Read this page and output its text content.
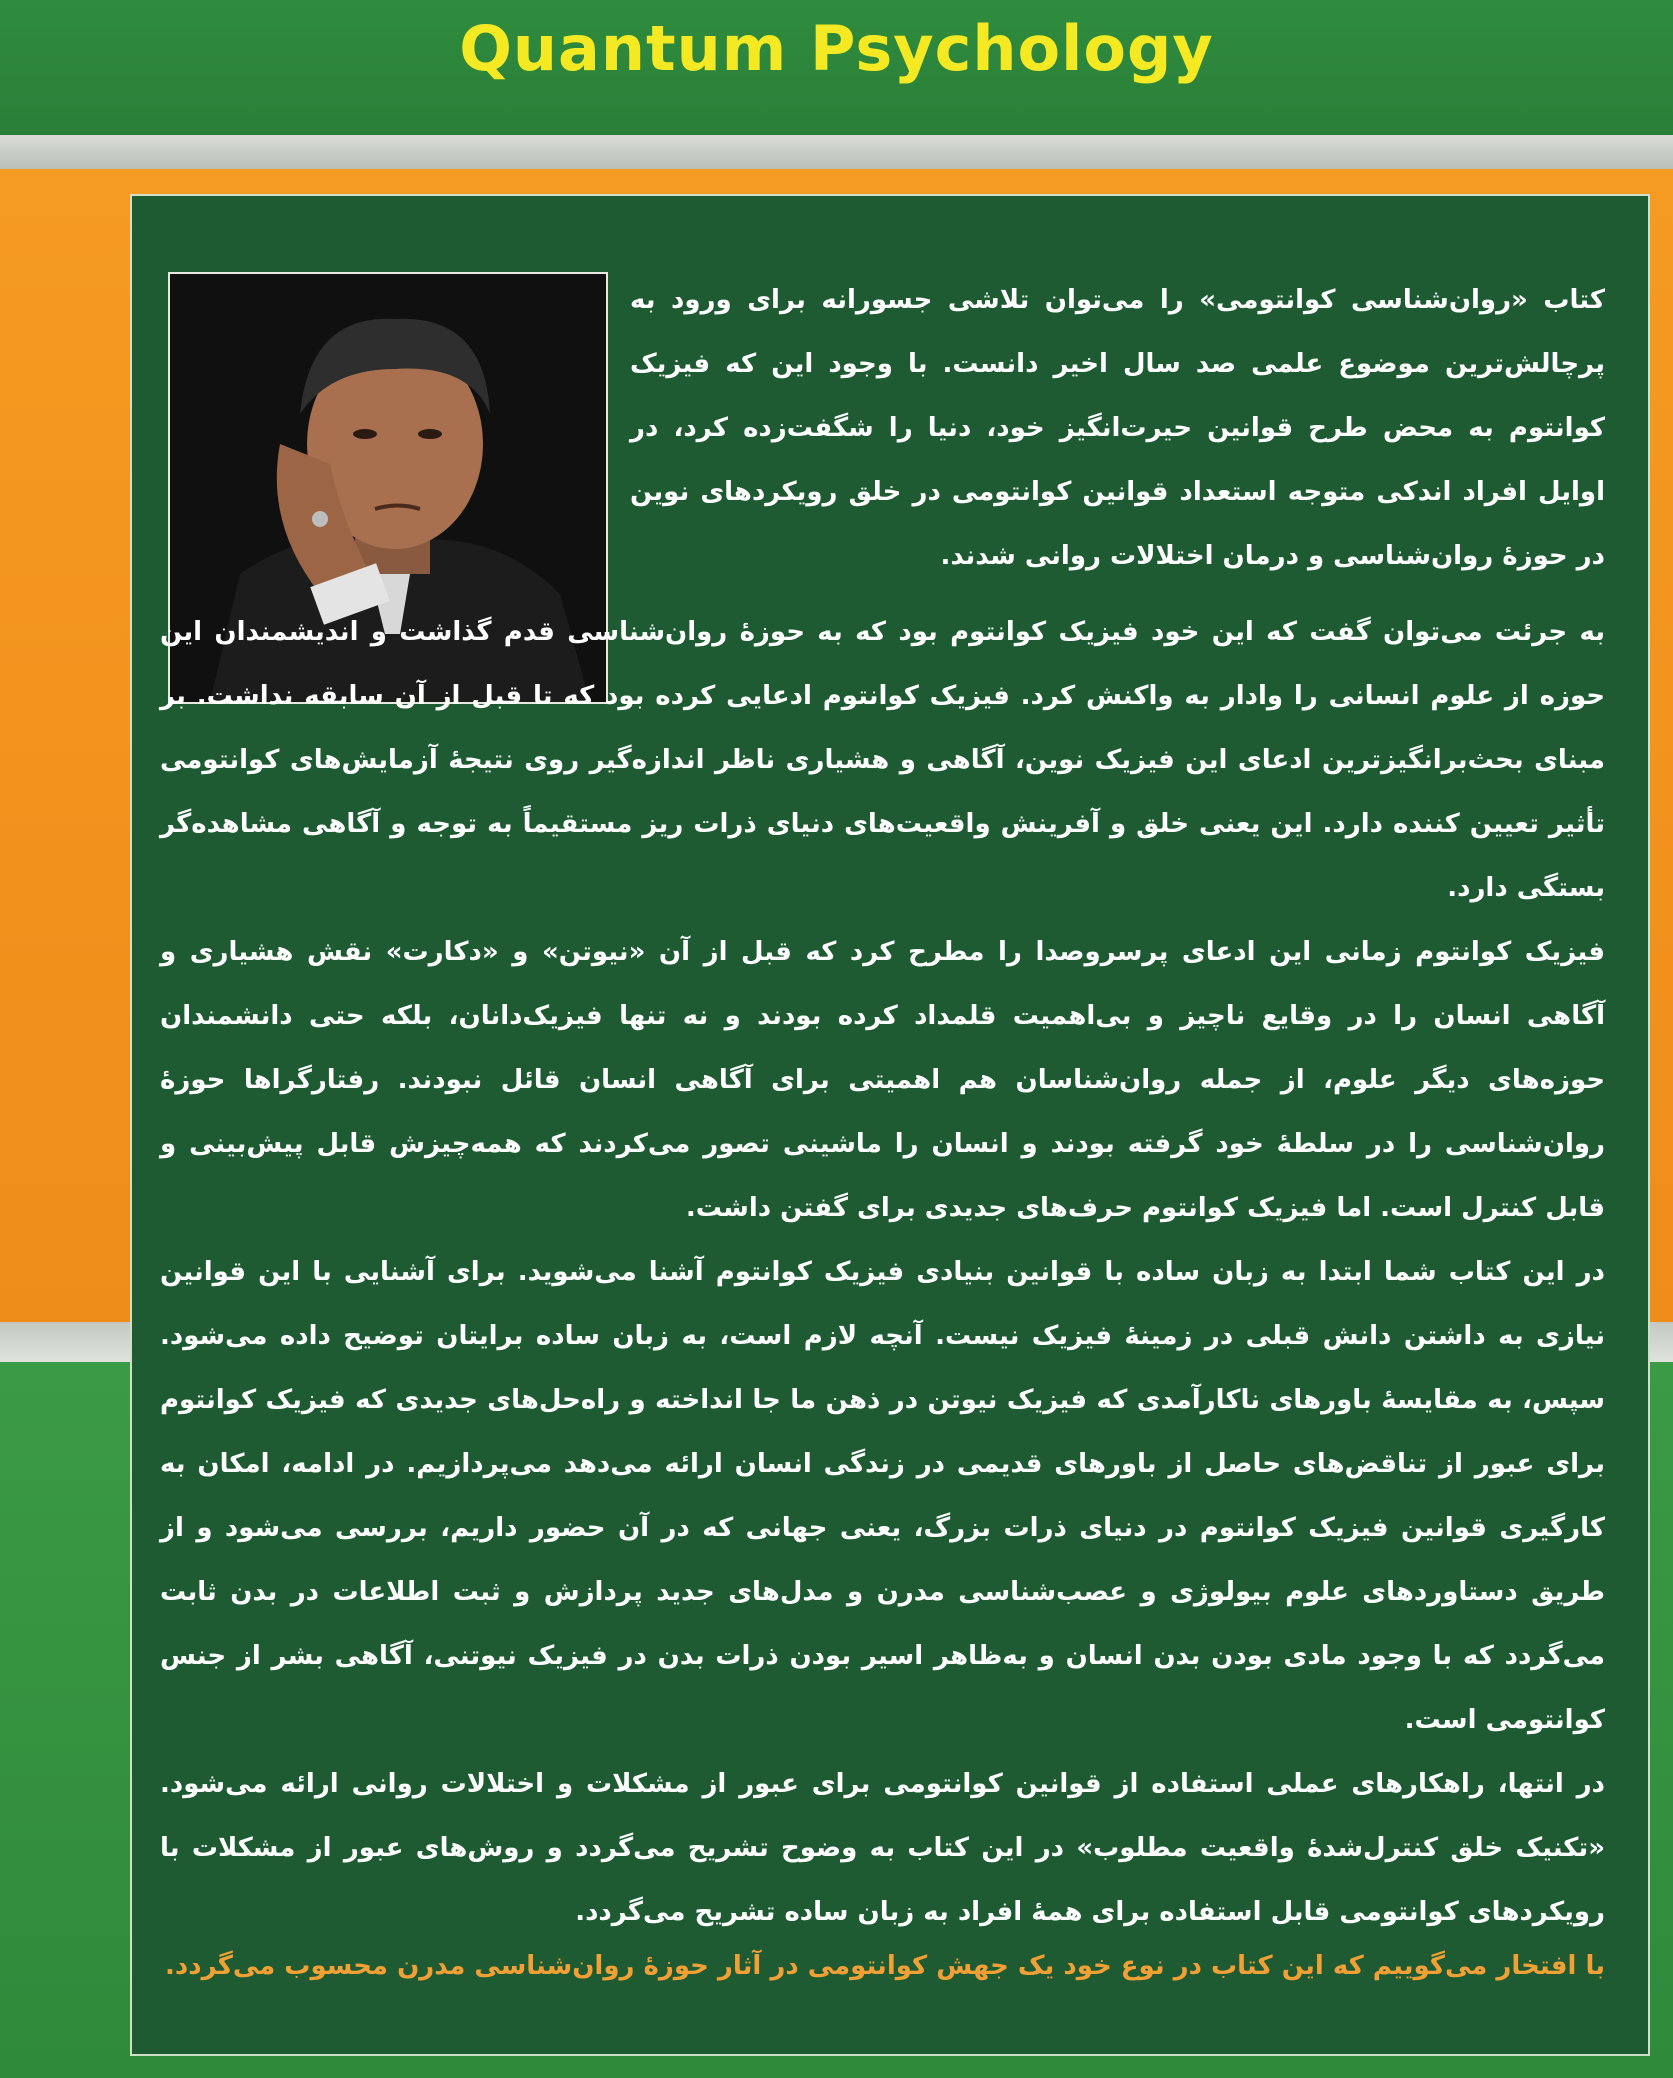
Quantum Psychology
کتاب «روان‌شناسی کوانتومی» را می‌توان تلاشی جسورانه برای ورود به پرچالش‌ترین موضوع علمی صد سال اخیر دانست. با وجود این که فیزیک کوانتوم به محض طرح قوانین حیرت‌انگیز خود، دنیا را شگفت‌زده کرد، در اوایل افراد اندکی متوجه استعداد قوانین کوانتومی در خلق رویکردهای نوین در حوزهٔ روان‌شناسی و درمان اختلالات روانی شدند.
به جرئت می‌توان گفت که این خود فیزیک کوانتوم بود که به حوزهٔ روان‌شناسی قدم گذاشت و اندیشمندان این حوزه از علوم انسانی را وادار به واکنش کرد. فیزیک کوانتوم ادعایی کرده بود که تا قبل از آن سابقه نداشت. بر مبنای بحث‌برانگیزترین ادعای این فیزیک نوین، آگاهی و هشیاری ناظر اندازه‌گیر روی نتیجهٔ آزمایش‌های کوانتومی تأثیر تعیین کننده دارد. این یعنی خلق و آفرینش واقعیت‌های دنیای ذرات ریز مستقیماً به توجه و آگاهی مشاهده‌گر بستگی دارد.
فیزیک کوانتوم زمانی این ادعای پرسروصدا را مطرح کرد که قبل از آن «نیوتن» و «دکارت» نقش هشیاری و آگاهی انسان را در وقایع ناچیز و بی‌اهمیت قلمداد کرده بودند و نه تنها فیزیک‌دانان، بلکه حتی دانشمندان حوزه‌های دیگر علوم، از جمله روان‌شناسان هم اهمیتی برای آگاهی انسان قائل نبودند. رفتارگراها حوزهٔ روان‌شناسی را در سلطهٔ خود گرفته بودند و انسان را ماشینی تصور می‌کردند که همه‌چیزش قابل پیش‌بینی و قابل کنترل است. اما فیزیک کوانتوم حرف‌های جدیدی برای گفتن داشت.
در این کتاب شما ابتدا به زبان ساده با قوانین بنیادی فیزیک کوانتوم آشنا می‌شوید. برای آشنایی با این قوانین نیازی به داشتن دانش قبلی در زمینهٔ فیزیک نیست. آنچه لازم است، به زبان ساده برایتان توضیح داده می‌شود. سپس، به مقایسهٔ باورهای ناکارآمدی که فیزیک نیوتن در ذهن ما جا انداخته و راه‌حل‌های جدیدی که فیزیک کوانتوم برای عبور از تناقض‌های حاصل از باورهای قدیمی در زندگی انسان ارائه می‌دهد می‌پردازیم. در ادامه، امکان به کارگیری قوانین فیزیک کوانتوم در دنیای ذرات بزرگ، یعنی جهانی که در آن حضور داریم، بررسی می‌شود و از طریق دستاوردهای علوم بیولوژی و عصب‌شناسی مدرن و مدل‌های جدید پردازش و ثبت اطلاعات در بدن ثابت می‌گردد که با وجود مادی بودن بدن انسان و به‌ظاهر اسیر بودن ذرات بدن در فیزیک نیوتنی، آگاهی بشر از جنس کوانتومی است.
در انتها، راهکارهای عملی استفاده از قوانین کوانتومی برای عبور از مشکلات و اختلالات روانی ارائه می‌شود. «تکنیک خلق کنترل‌شدهٔ واقعیت مطلوب» در این کتاب به وضوح تشریح می‌گردد و روش‌های عبور از مشکلات با رویکردهای کوانتومی قابل استفاده برای همهٔ افراد به زبان ساده تشریح می‌گردد.
با افتخار می‌گوییم که این کتاب در نوع خود یک جهش کوانتومی در آثار حوزهٔ روان‌شناسی مدرن محسوب می‌گردد.
